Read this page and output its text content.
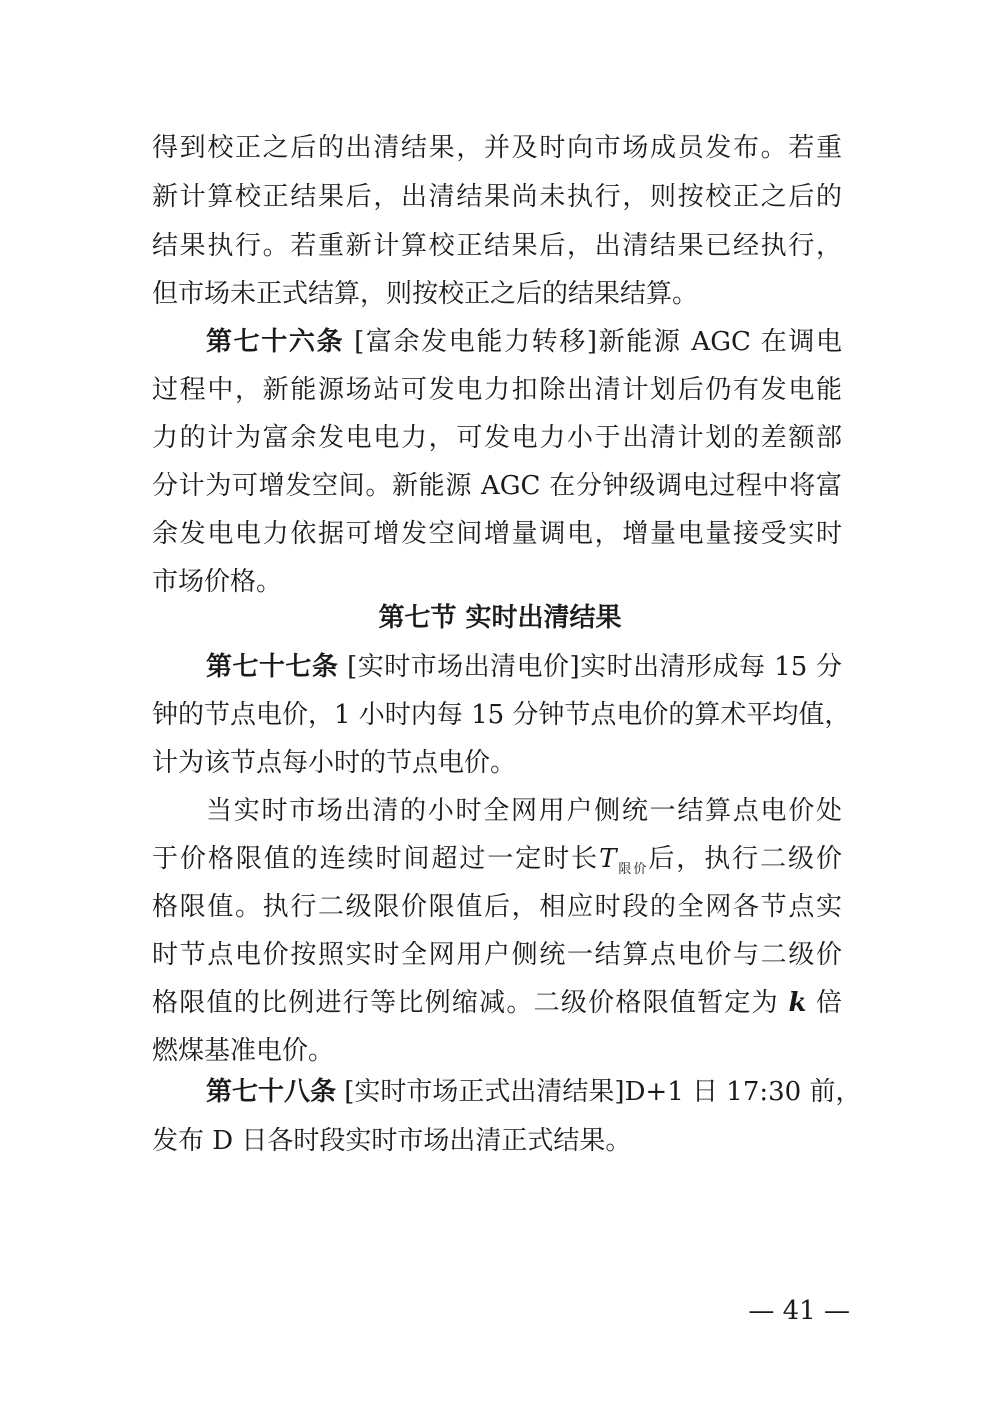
得到校正之后的出清结果，并及时向市场成员发布。若重
新计算校正结果后，出清结果尚未执行，则按校正之后的
结果执行。若重新计算校正结果后，出清结果已经执行，
但市场未正式结算，则按校正之后的结果结算。
第七十六条 [富余发电能力转移]新能源 AGC 在调电
过程中，新能源场站可发电力扣除出清计划后仍有发电能
力的计为富余发电电力，可发电力小于出清计划的差额部
分计为可增发空间。新能源 AGC 在分钟级调电过程中将富
余发电电力依据可增发空间增量调电，增量电量接受实时
市场价格。
第七节 实时出清结果
第七十七条 [实时市场出清电价]实时出清形成每 15 分
钟的节点电价，1 小时内每 15 分钟节点电价的算术平均值，
计为该节点每小时的节点电价。
当实时市场出清的小时全网用户侧统一结算点电价处
于价格限值的连续时间超过一定时长$T_{限价}$后，执行二级价
格限值。执行二级限价限值后，相应时段的全网各节点实
时节点电价按照实时全网用户侧统一结算点电价与二级价
格限值的比例进行等比例缩减。二级价格限值暂定为 k 倍
燃煤基准电价。
第七十八条 [实时市场正式出清结果]D+1 日 17:30 前，
发布 D 日各时段实时市场出清正式结果。
— 41 —
